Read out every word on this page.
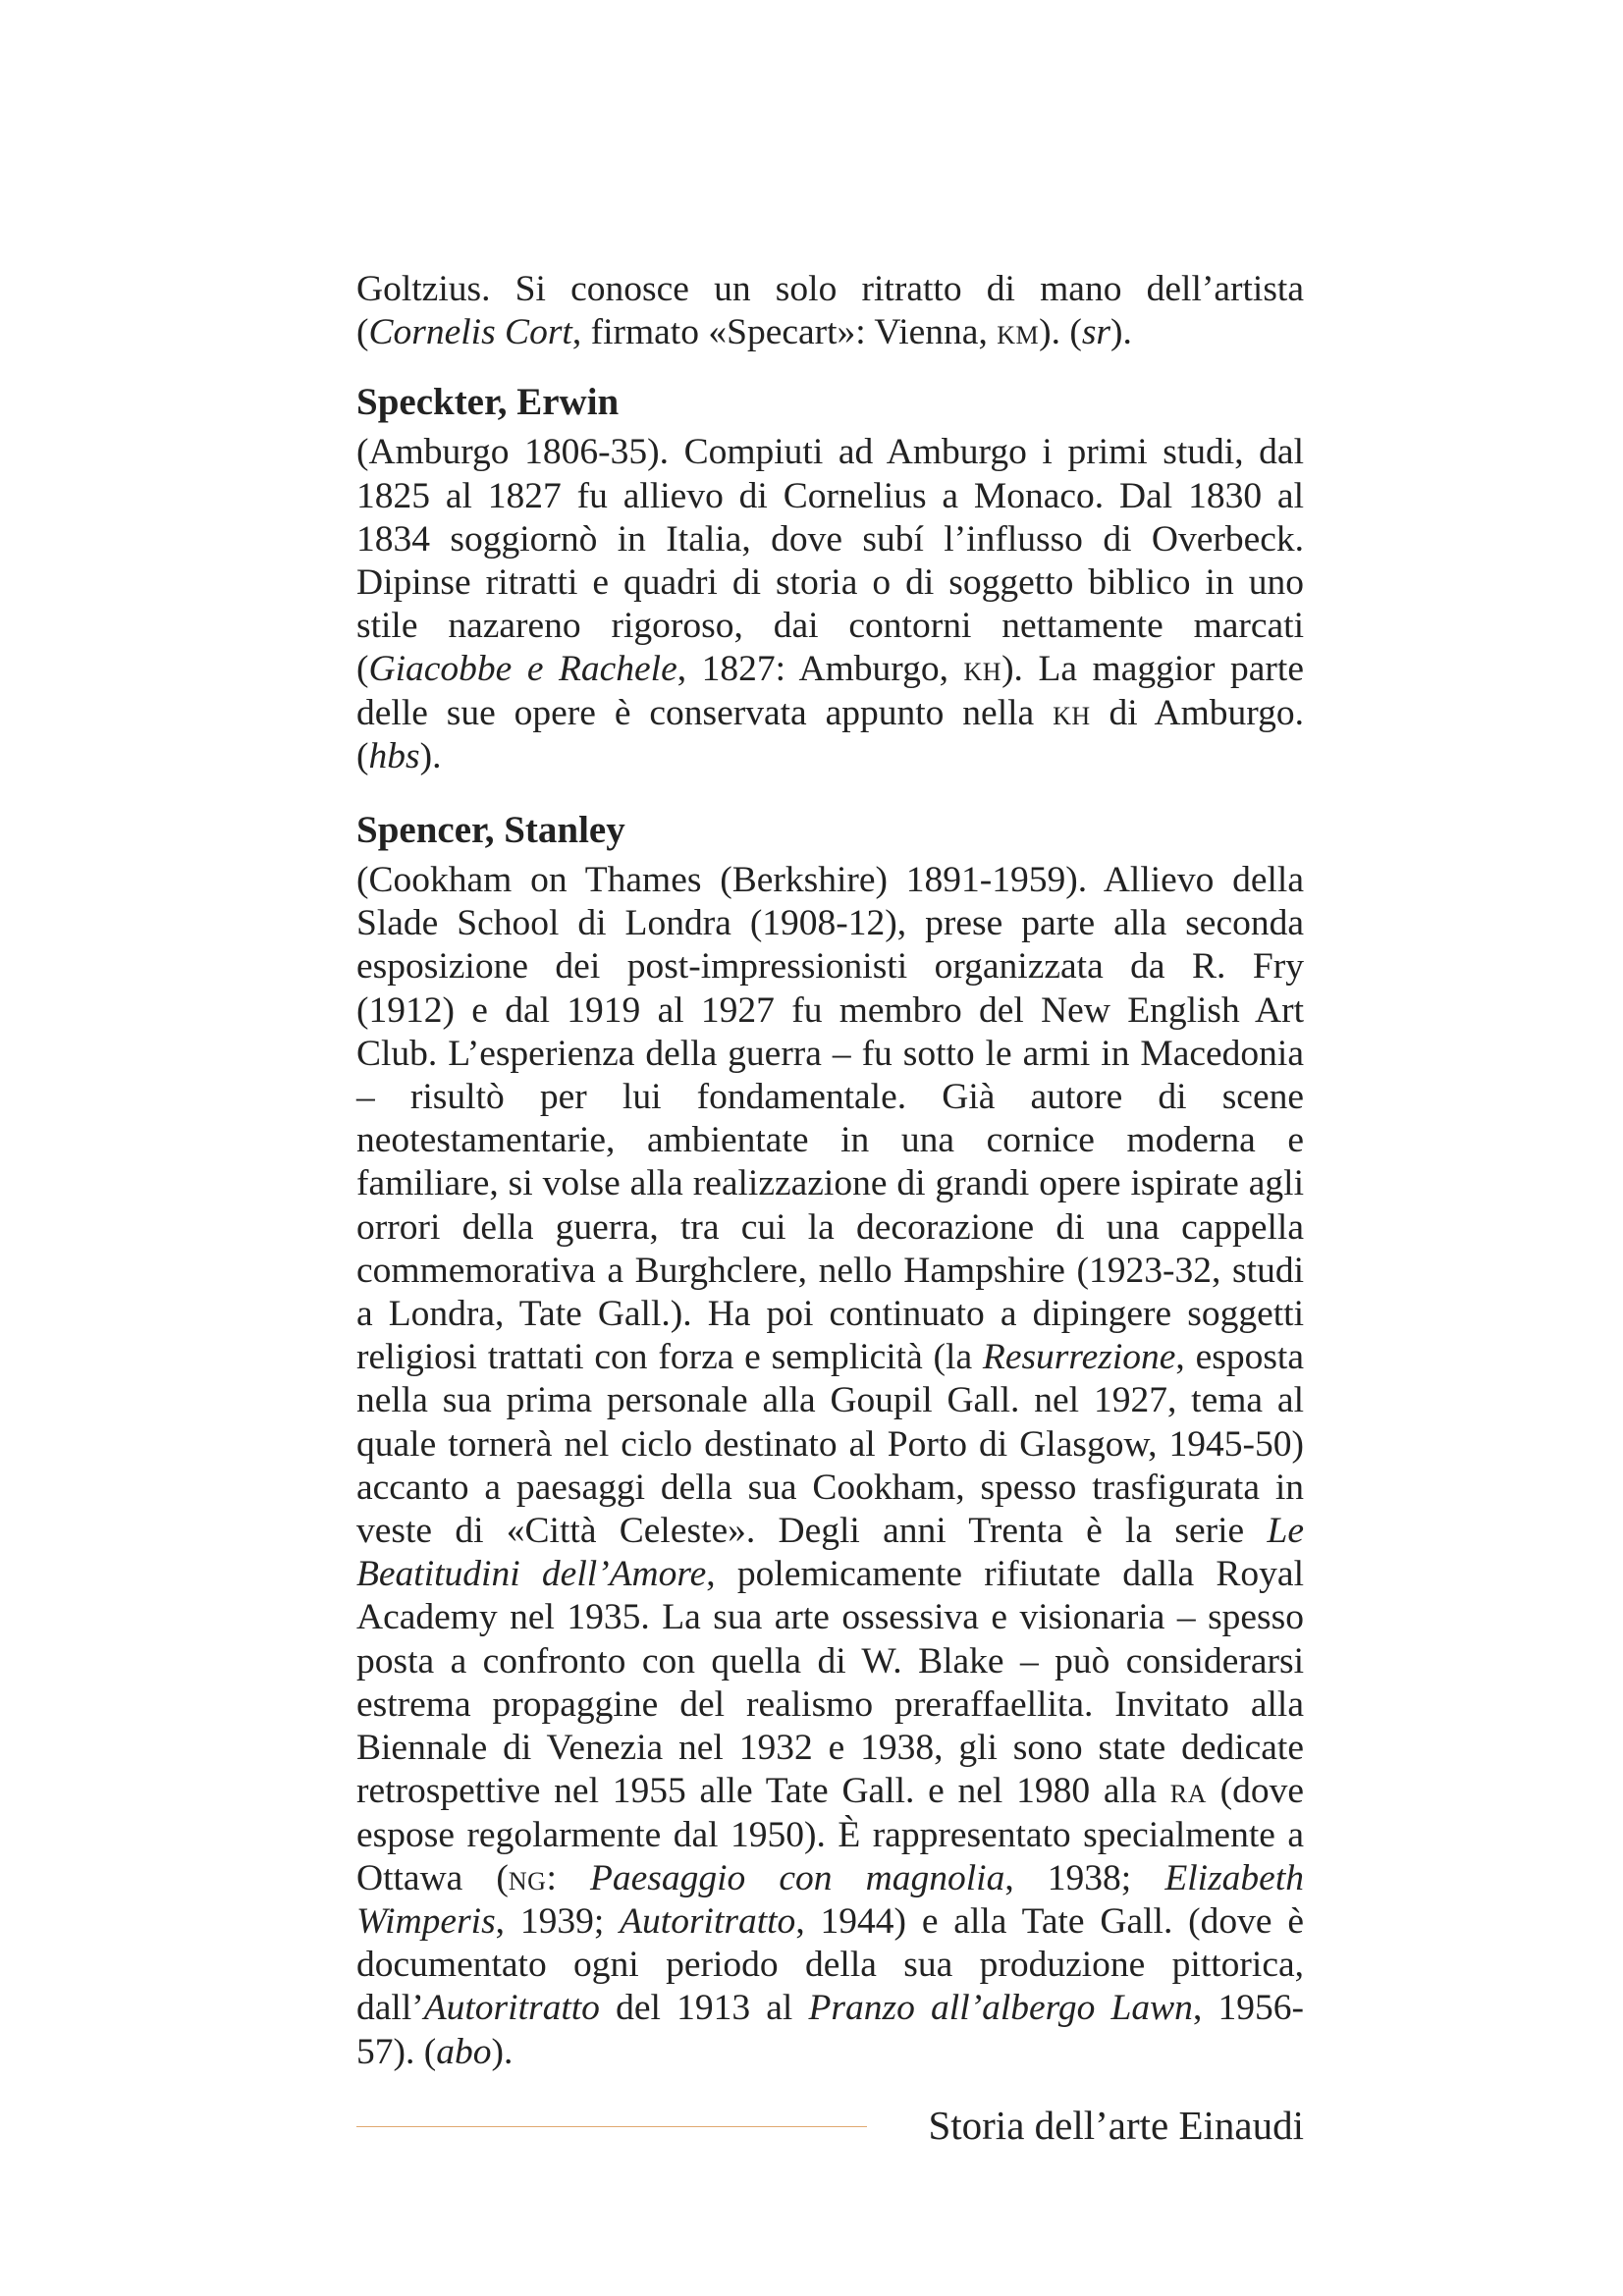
Goltzius. Si conosce un solo ritratto di mano dell’artista (Cornelis Cort, firmato «Specart»: Vienna, km). (sr).

Speckter, Erwin

(Amburgo 1806-35). Compiuti ad Amburgo i primi studi, dal 1825 al 1827 fu allievo di Cornelius a Monaco. Dal 1830 al 1834 soggiornò in Italia, dove subí l’influsso di Overbeck. Dipinse ritratti e quadri di storia o di soggetto biblico in uno stile nazareno rigoroso, dai contorni nettamente marcati (Giacobbe e Rachele, 1827: Amburgo, kh). La maggior parte delle sue opere è conservata appunto nella kh di Amburgo. (hbs).

Spencer, Stanley

(Cookham on Thames (Berkshire) 1891-1959). Allievo della Slade School di Londra (1908-12), prese parte alla seconda esposizione dei post-impressionisti organizzata da R. Fry (1912) e dal 1919 al 1927 fu membro del New English Art Club. L’esperienza della guerra – fu sotto le armi in Macedonia – risultò per lui fondamentale. Già autore di scene neotestamentarie, ambientate in una cornice moderna e familiare, si volse alla realizzazione di grandi opere ispirate agli orrori della guerra, tra cui la decorazione di una cappella commemorativa a Burghclere, nello Hampshire (1923-32, studi a Londra, Tate Gall.). Ha poi continuato a dipingere soggetti religiosi trattati con forza e semplicità (la Resurrezione, esposta nella sua prima personale alla Goupil Gall. nel 1927, tema al quale tornerà nel ciclo destinato al Porto di Glasgow, 1945-50) accanto a paesaggi della sua Cookham, spesso trasfigurata in veste di «Città Celeste». Degli anni Trenta è la serie Le Beatitudini dell’Amore, polemicamente rifiutate dalla Royal Academy nel 1935. La sua arte ossessiva e visionaria – spesso posta a confronto con quella di W. Blake – può considerarsi estrema propaggine del realismo preraffaellita. Invitato alla Biennale di Venezia nel 1932 e 1938, gli sono state dedicate retrospettive nel 1955 alle Tate Gall. e nel 1980 alla ra (dove espose regolarmente dal 1950). È rappresentato specialmente a Ottawa (ng: Paesaggio con magnolia, 1938; Elizabeth Wimperis, 1939; Autoritratto, 1944) e alla Tate Gall. (dove è documentato ogni periodo della sua produzione pittorica, dall’Autoritratto del 1913 al Pranzo all’albergo Lawn, 1956-57). (abo).

Storia dell’arte Einaudi
